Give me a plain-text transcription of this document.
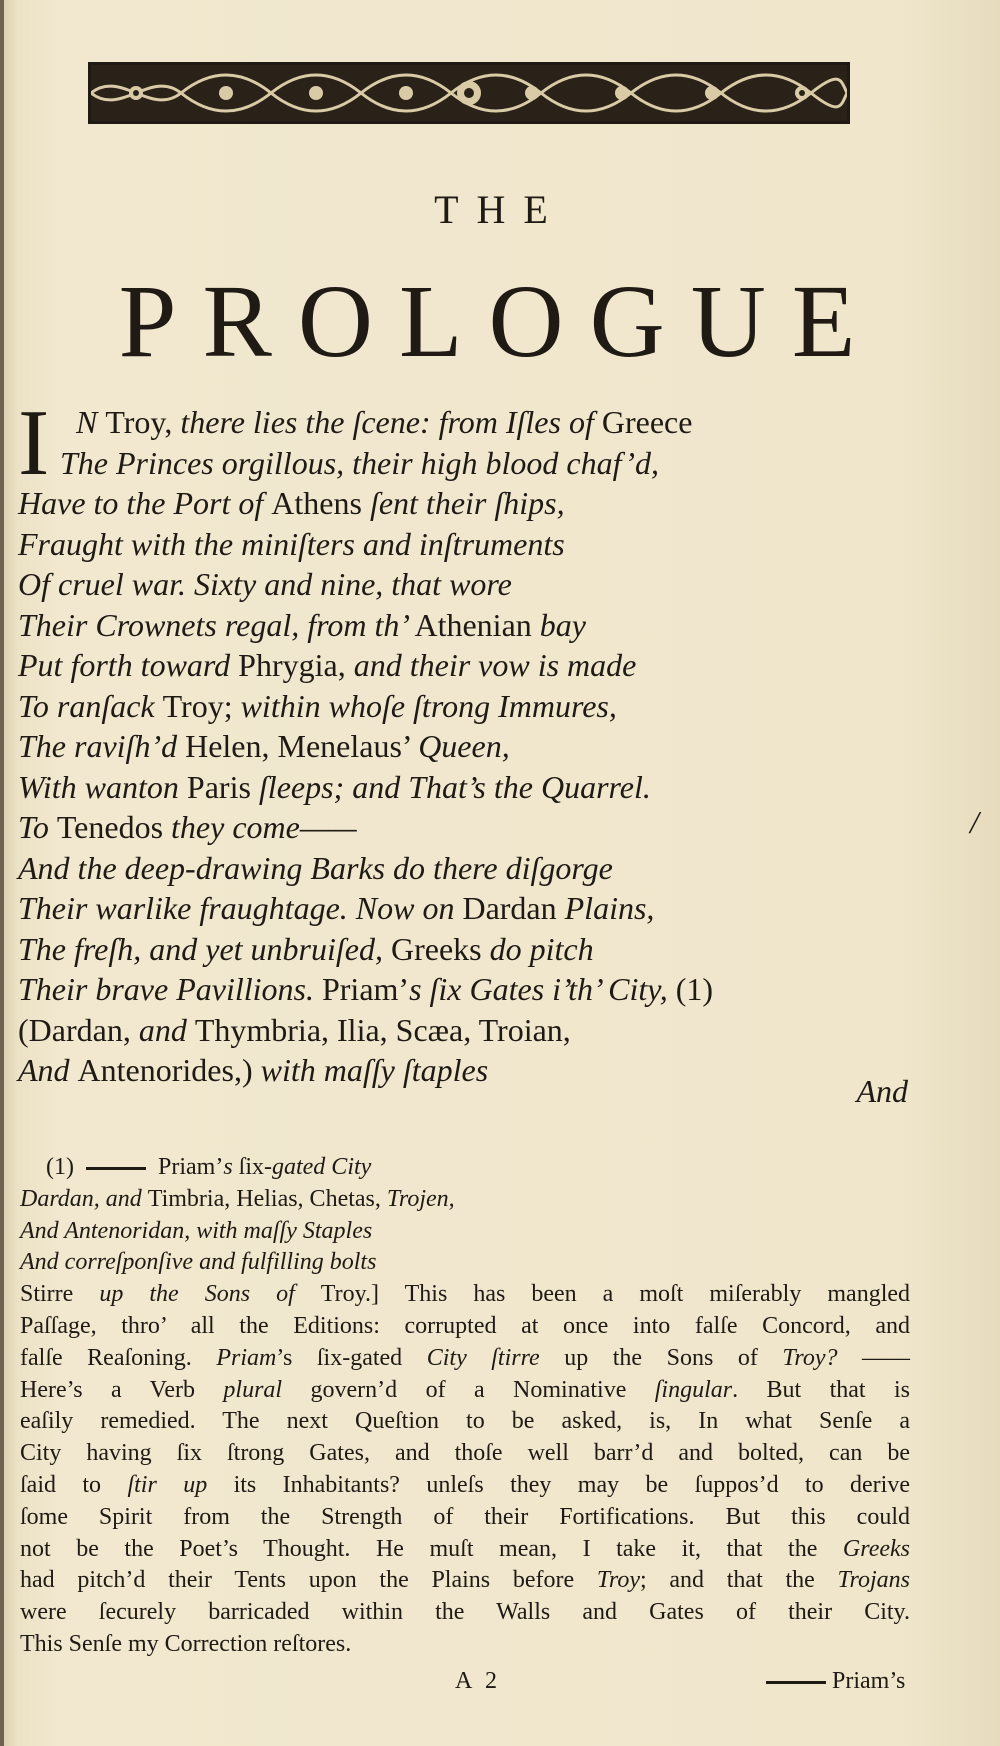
THE
PROLOGUE
I N Troy, there lies the ſcene: from Iſles of Greece
The Princes orgillous, their high blood chaf’d,
Have to the Port of Athens ſent their ſhips,
Fraught with the miniſters and inſtruments
Of cruel war. Sixty and nine, that wore
Their Crownets regal, from th’ Athenian bay
Put forth toward Phrygia, and their vow is made
To ranſack Troy; within whoſe ſtrong Immures,
The raviſh’d Helen, Menelaus’ Queen,
With wanton Paris ſleeps; and That’s the Quarrel.
To Tenedos they come——
And the deep-drawing Barks do there diſgorge
Their warlike fraughtage. Now on Dardan Plains,
The freſh, and yet unbruiſed, Greeks do pitch
Their brave Pavillions. Priam’s ſix Gates i’th’ City, (1)
(Dardan, and Thymbria, Ilia, Scæa, Troian,
And Antenorides,) with maſſy ſtaples
/
And
(1)	Priam’s ſix-gated City
Dardan, and Timbria, Helias, Chetas, Trojen,
And Antenoridan, with maſſy Staples
And correſponſive and fulfilling bolts
Stirre up the Sons of Troy.] This has been a moſt miſerably mangled
Paſſage, thro’ all the Editions: corrupted at once into falſe Concord, and
falſe Reaſoning. Priam’s ſix-gated City ſtirre up the Sons of Troy? ——
Here’s a Verb plural govern’d of a Nominative ſingular. But that is
eaſily remedied. The next Queſtion to be asked, is, In what Senſe a
City having ſix ſtrong Gates, and thoſe well barr’d and bolted, can be
ſaid to ſtir up its Inhabitants? unleſs they may be ſuppos’d to derive
ſome Spirit from the Strength of their Fortifications. But this could
not be the Poet’s Thought. He muſt mean, I take it, that the Greeks
had pitch’d their Tents upon the Plains before Troy; and that the Trojans
were ſecurely barricaded within the Walls and Gates of their City.
This Senſe my Correction reſtores.
A 2	Priam’s
